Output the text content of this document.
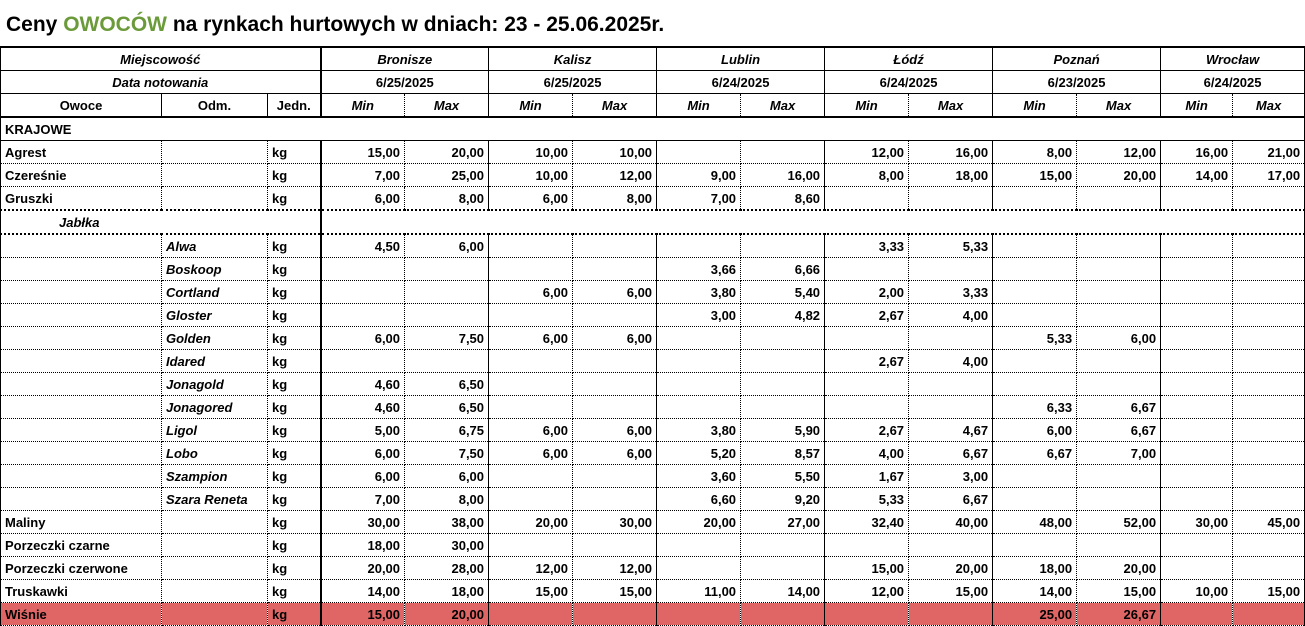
Ceny OWOCÓW na rynkach hurtowych w dniach: 23 - 25.06.2025r.
Miejscowość			Bronisze		Kalisz		Lublin		Łódź		Poznań		Wrocław	
Data notowania			6/25/2025		6/25/2025		6/24/2025		6/24/2025		6/23/2025		6/24/2025	
Owoce	Odm.	Jedn.	Min	Max	Min	Max	Min	Max	Min	Max	Min	Max	Min	Max
KRAJOWE														
Agrest		kg	15,00	20,00	10,00	10,00			12,00	16,00	8,00	12,00	16,00	21,00
Czereśnie		kg	7,00	25,00	10,00	12,00	9,00	16,00	8,00	18,00	15,00	20,00	14,00	17,00
Gruszki		kg	6,00	8,00	6,00	8,00	7,00	8,60						
Jabłka														
	Alwa	kg	4,50	6,00					3,33	5,33				
	Boskoop	kg					3,66	6,66						
	Cortland	kg			6,00	6,00	3,80	5,40	2,00	3,33				
	Gloster	kg					3,00	4,82	2,67	4,00				
	Golden	kg	6,00	7,50	6,00	6,00					5,33	6,00		
	Idared	kg							2,67	4,00				
	Jonagold	kg	4,60	6,50										
	Jonagored	kg	4,60	6,50							6,33	6,67		
	Ligol	kg	5,00	6,75	6,00	6,00	3,80	5,90	2,67	4,67	6,00	6,67		
	Lobo	kg	6,00	7,50	6,00	6,00	5,20	8,57	4,00	6,67	6,67	7,00		
	Szampion	kg	6,00	6,00			3,60	5,50	1,67	3,00				
	Szara Reneta	kg	7,00	8,00			6,60	9,20	5,33	6,67				
Maliny		kg	30,00	38,00	20,00	30,00	20,00	27,00	32,40	40,00	48,00	52,00	30,00	45,00
Porzeczki czarne		kg	18,00	30,00										
Porzeczki czerwone		kg	20,00	28,00	12,00	12,00			15,00	20,00	18,00	20,00		
Truskawki		kg	14,00	18,00	15,00	15,00	11,00	14,00	12,00	15,00	14,00	15,00	10,00	15,00
Wiśnie		kg	15,00	20,00							25,00	26,67		
